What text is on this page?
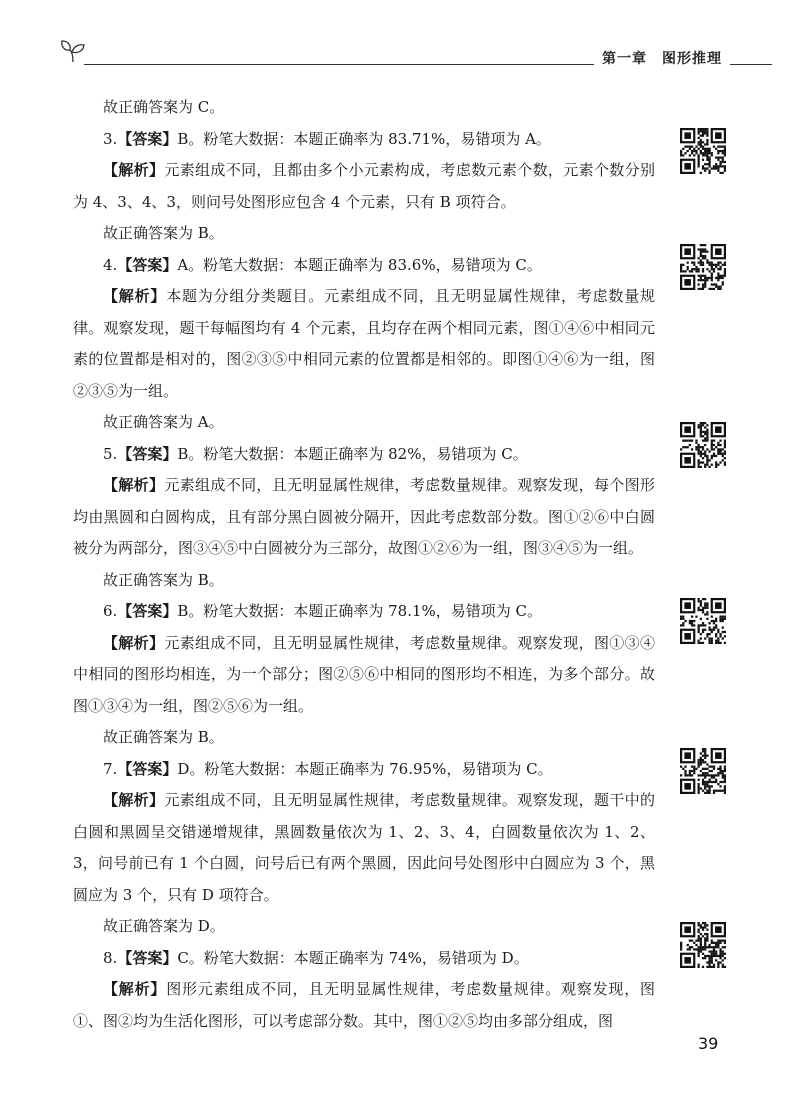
第一章　图形推理

故正确答案为 C。

3.【答案】B。粉笔大数据：本题正确率为 83.71%，易错项为 A。

【解析】元素组成不同，且都由多个小元素构成，考虑数元素个数，元素个数分别为 4、3、4、3，则问号处图形应包含 4 个元素，只有 B 项符合。

故正确答案为 B。

4.【答案】A。粉笔大数据：本题正确率为 83.6%，易错项为 C。

【解析】本题为分组分类题目。元素组成不同，且无明显属性规律，考虑数量规律。观察发现，题干每幅图均有 4 个元素，且均存在两个相同元素，图①④⑥中相同元素的位置都是相对的，图②③⑤中相同元素的位置都是相邻的。即图①④⑥为一组，图②③⑤为一组。

故正确答案为 A。

5.【答案】B。粉笔大数据：本题正确率为 82%，易错项为 C。

【解析】元素组成不同，且无明显属性规律，考虑数量规律。观察发现，每个图形均由黑圆和白圆构成，且有部分黑白圆被分隔开，因此考虑数部分数。图①②⑥中白圆被分为两部分，图③④⑤中白圆被分为三部分，故图①②⑥为一组，图③④⑤为一组。

故正确答案为 B。

6.【答案】B。粉笔大数据：本题正确率为 78.1%，易错项为 C。

【解析】元素组成不同，且无明显属性规律，考虑数量规律。观察发现，图①③④中相同的图形均相连，为一个部分；图②⑤⑥中相同的图形均不相连，为多个部分。故图①③④为一组，图②⑤⑥为一组。

故正确答案为 B。

7.【答案】D。粉笔大数据：本题正确率为 76.95%，易错项为 C。

【解析】元素组成不同，且无明显属性规律，考虑数量规律。观察发现，题干中的白圆和黑圆呈交错递增规律，黑圆数量依次为 1、2、3、4，白圆数量依次为 1、2、3，问号前已有 1 个白圆，问号后已有两个黑圆，因此问号处图形中白圆应为 3 个，黑圆应为 3 个，只有 D 项符合。

故正确答案为 D。

8.【答案】C。粉笔大数据：本题正确率为 74%，易错项为 D。

【解析】图形元素组成不同，且无明显属性规律，考虑数量规律。观察发现，图①、图②均为生活化图形，可以考虑部分数。其中，图①②⑤均由多部分组成，图

39
